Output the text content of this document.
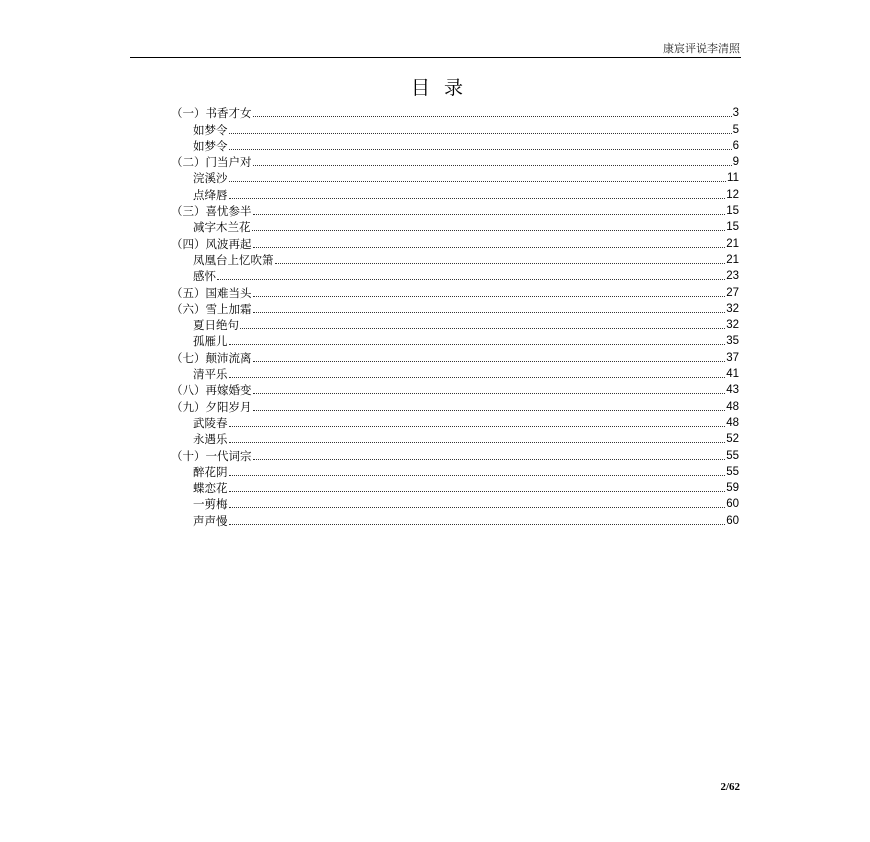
康宸评说李清照
目录
（一）书香才女	3
如梦令	5
如梦令	6
（二）门当户对	9
浣溪沙	11
点绛唇	12
（三）喜忧参半	15
减字木兰花	15
（四）风波再起	21
凤凰台上忆吹箫	21
感怀	23
（五）国难当头	27
（六）雪上加霜	32
夏日绝句	32
孤雁儿	35
（七）颠沛流离	37
清平乐	41
（八）再嫁婚变	43
（九）夕阳岁月	48
武陵春	48
永遇乐	52
（十）一代词宗	55
醉花阴	55
蝶恋花	59
一剪梅	60
声声慢	60
2/62
